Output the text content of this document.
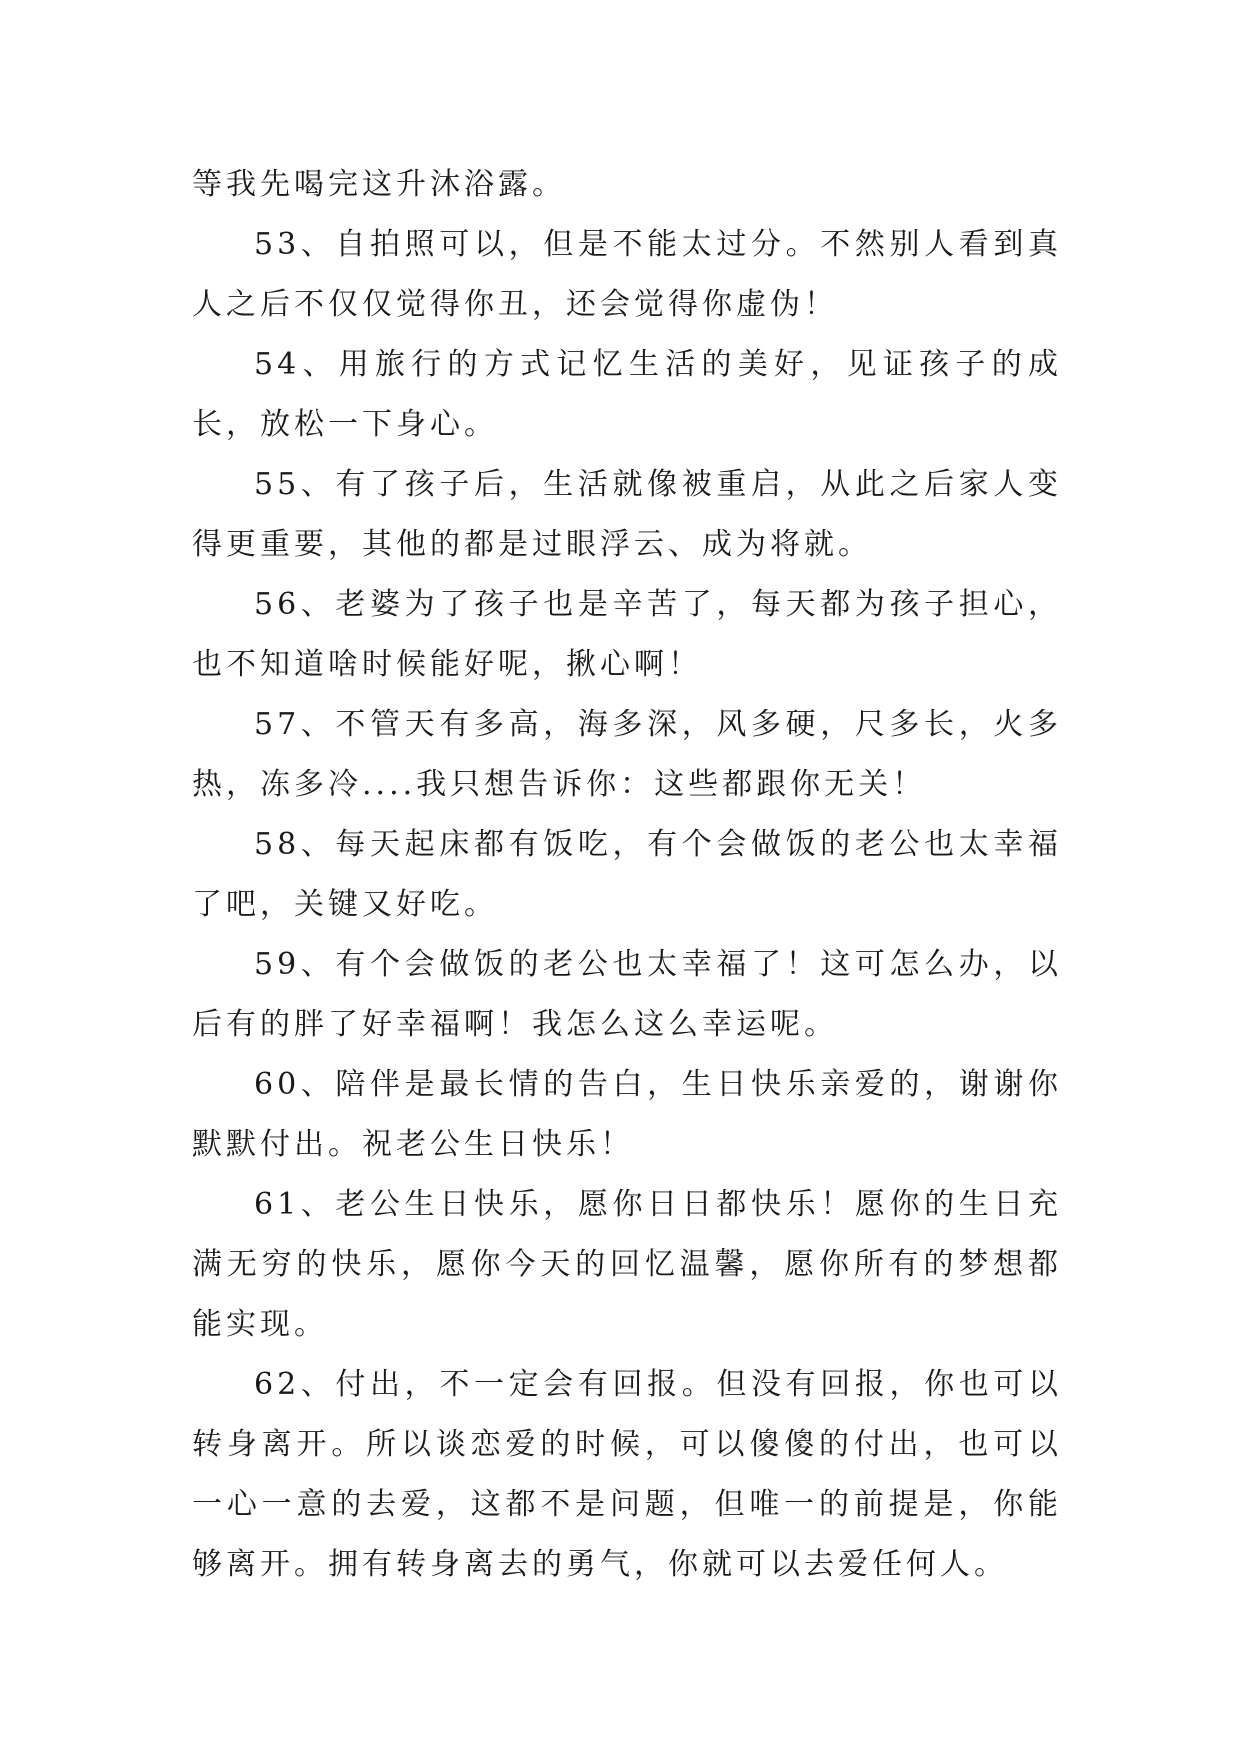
等我先喝完这升沐浴露。

53、自拍照可以，但是不能太过分。不然别人看到真人之后不仅仅觉得你丑，还会觉得你虚伪！

54、用旅行的方式记忆生活的美好，见证孩子的成长，放松一下身心。

55、有了孩子后，生活就像被重启，从此之后家人变得更重要，其他的都是过眼浮云、成为将就。

56、老婆为了孩子也是辛苦了，每天都为孩子担心，也不知道啥时候能好呢，揪心啊！

57、不管天有多高，海多深，风多硬，尺多长，火多热，冻多冷....我只想告诉你：这些都跟你无关！

58、每天起床都有饭吃，有个会做饭的老公也太幸福了吧，关键又好吃。

59、有个会做饭的老公也太幸福了！这可怎么办，以后有的胖了好幸福啊！我怎么这么幸运呢。

60、陪伴是最长情的告白，生日快乐亲爱的，谢谢你默默付出。祝老公生日快乐！

61、老公生日快乐，愿你日日都快乐！愿你的生日充满无穷的快乐，愿你今天的回忆温馨，愿你所有的梦想都能实现。

62、付出，不一定会有回报。但没有回报，你也可以转身离开。所以谈恋爱的时候，可以傻傻的付出，也可以一心一意的去爱，这都不是问题，但唯一的前提是，你能够离开。拥有转身离去的勇气，你就可以去爱任何人。
